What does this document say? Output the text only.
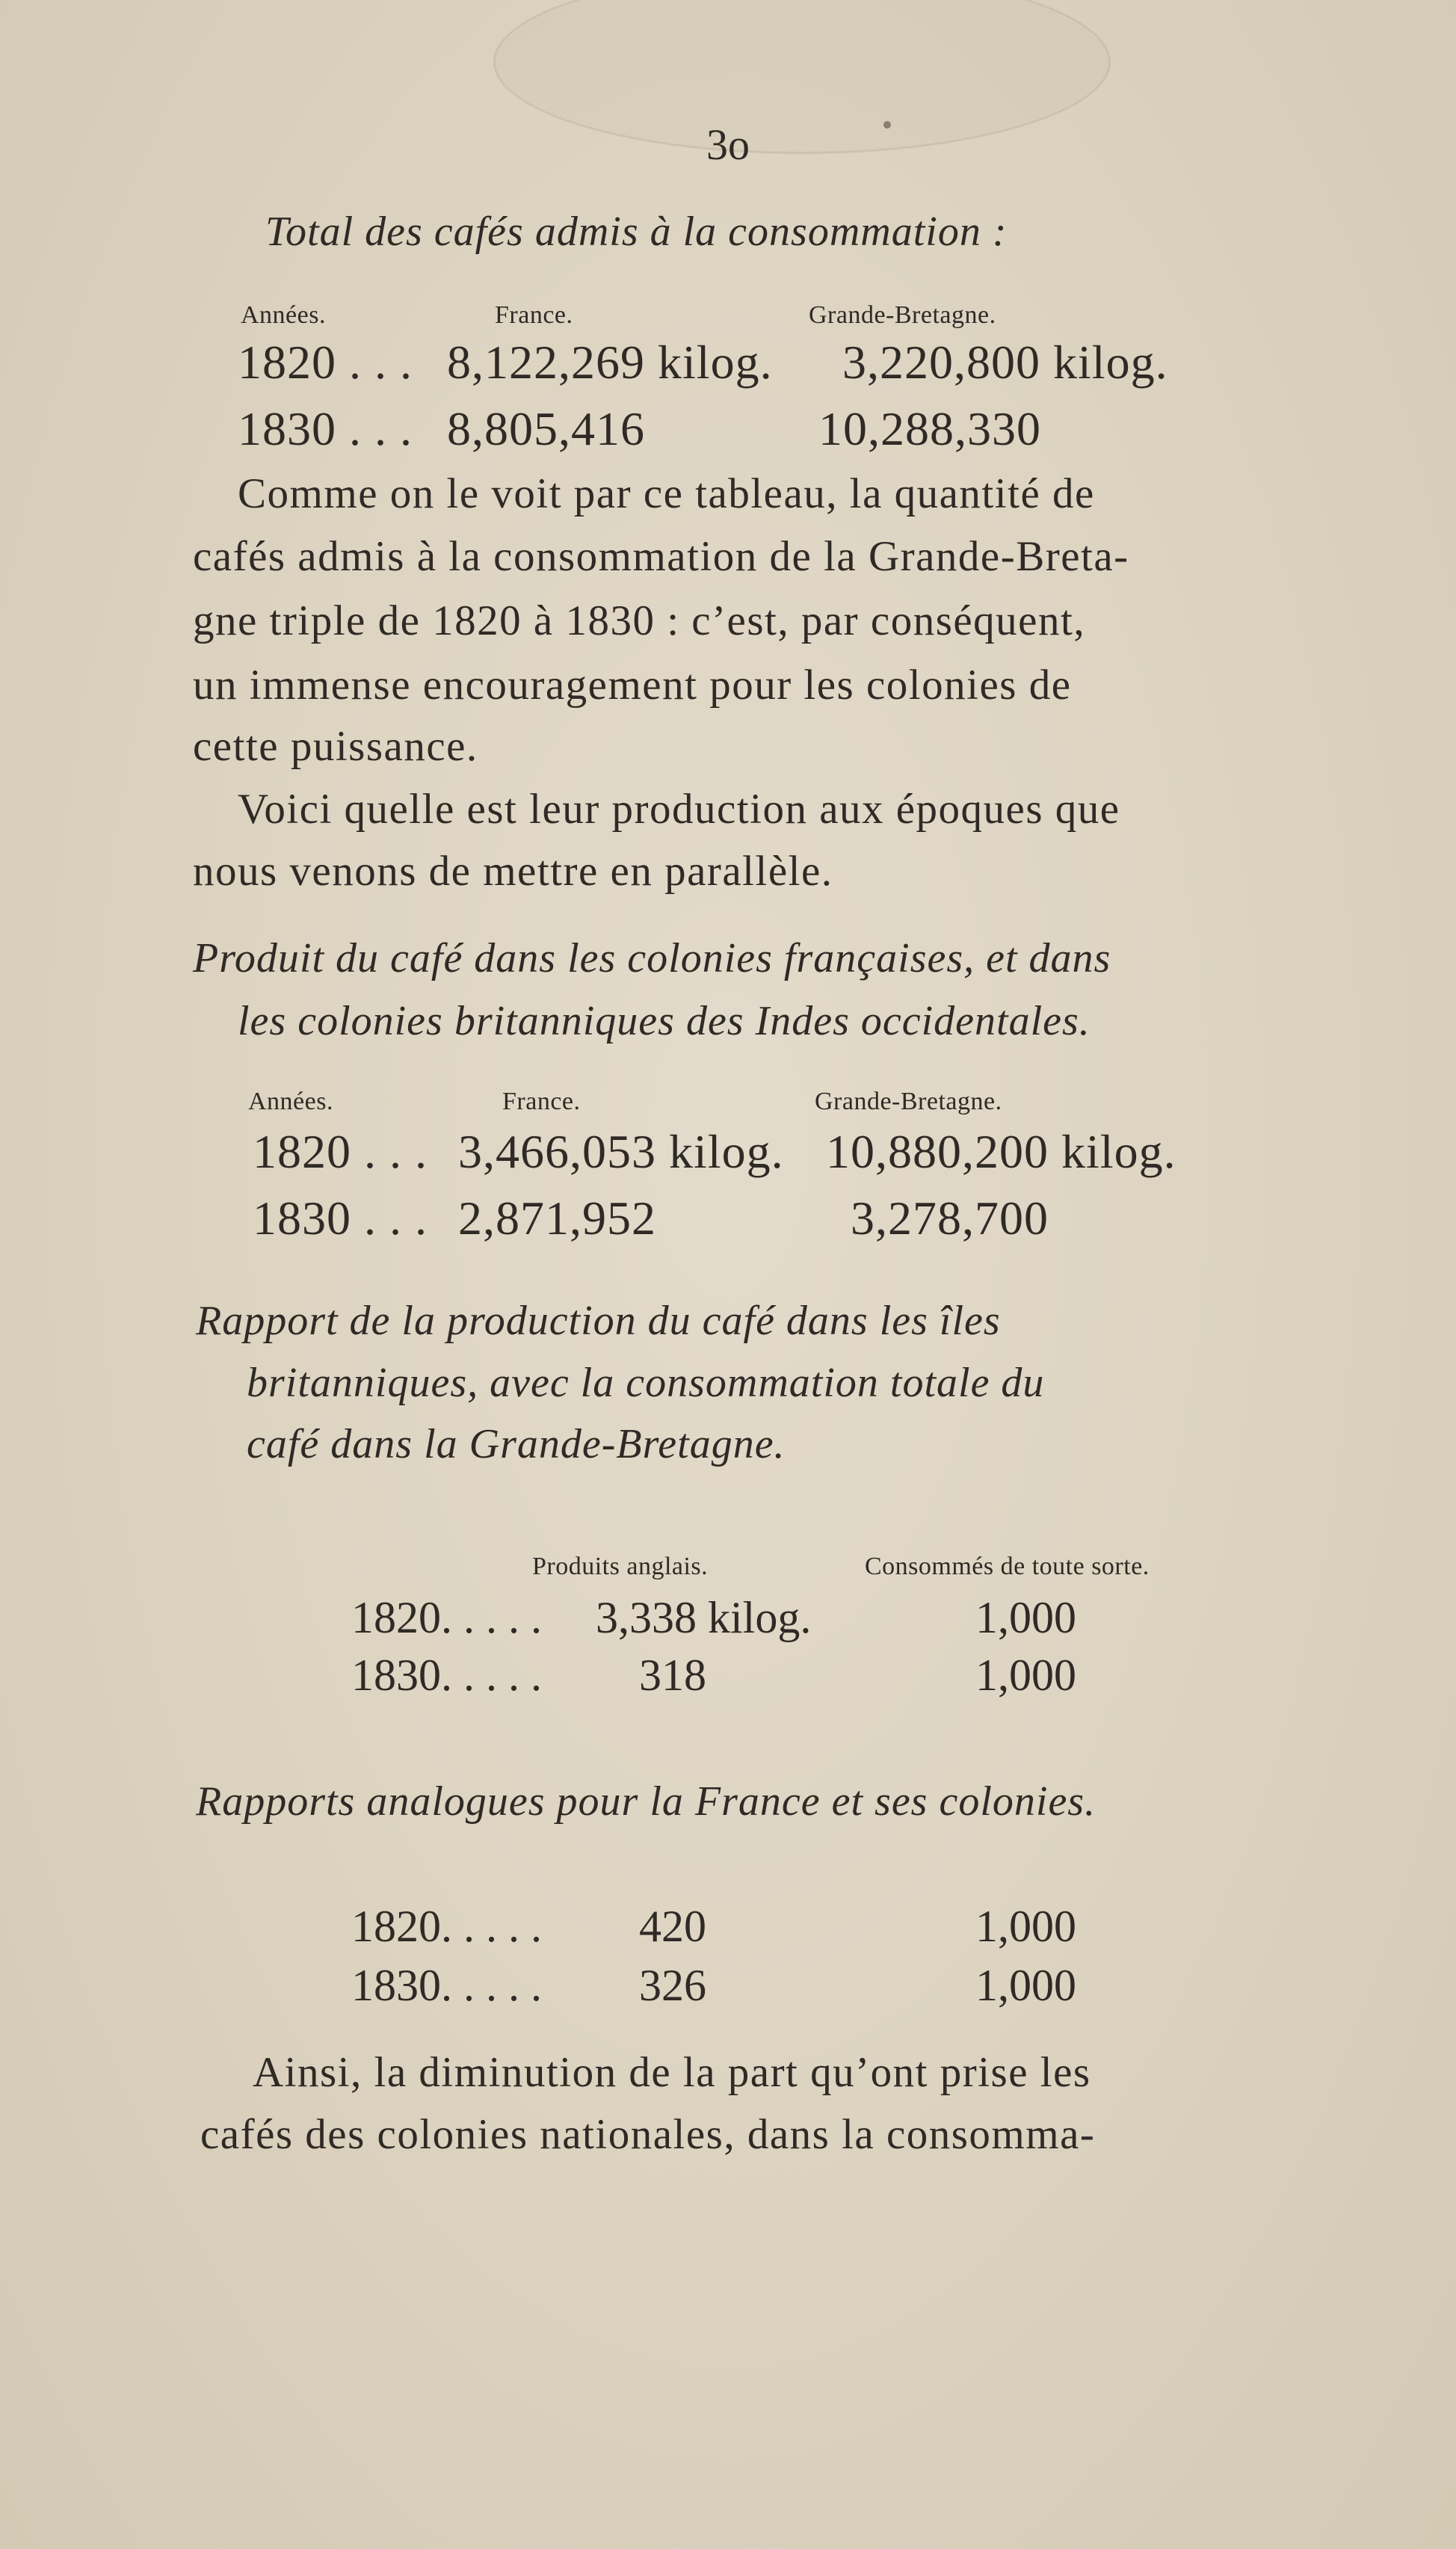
3o
Total des cafés admis à la consommation :
Années.	France.	Grande-Bretagne.
1820 . . . 8,122,269 kilog. 3,220,800 kilog.
1830 . . . 8,805,416	10,288,330
Comme on le voit par ce tableau, la quantité de
cafés admis à la consommation de la Grande-Breta-
gne triple de 1820 à 1830 : c’est, par conséquent,
un immense encouragement pour les colonies de
cette puissance.
Voici quelle est leur production aux époques que
nous venons de mettre en parallèle.
Produit du café dans les colonies françaises, et dans
les colonies britanniques des Indes occidentales.
Années.	France.	Grande-Bretagne.
1820 . . . 3,466,053 kilog. 10,880,200 kilog.
1830 . . . 2,871,952	3,278,700
Rapport de la production du café dans les îles
britanniques, avec la consommation totale du
café dans la Grande-Bretagne.
Produits anglais.	Consommés de toute sorte.
1820. . . . . 3,338 kilog.	1,000
1830. . . . . 318	1,000
Rapports analogues pour la France et ses colonies.
1820. . . . . 420	1,000
1830. . . . . 326	1,000
Ainsi, la diminution de la part qu’ont prise les
cafés des colonies nationales, dans la consomma-
